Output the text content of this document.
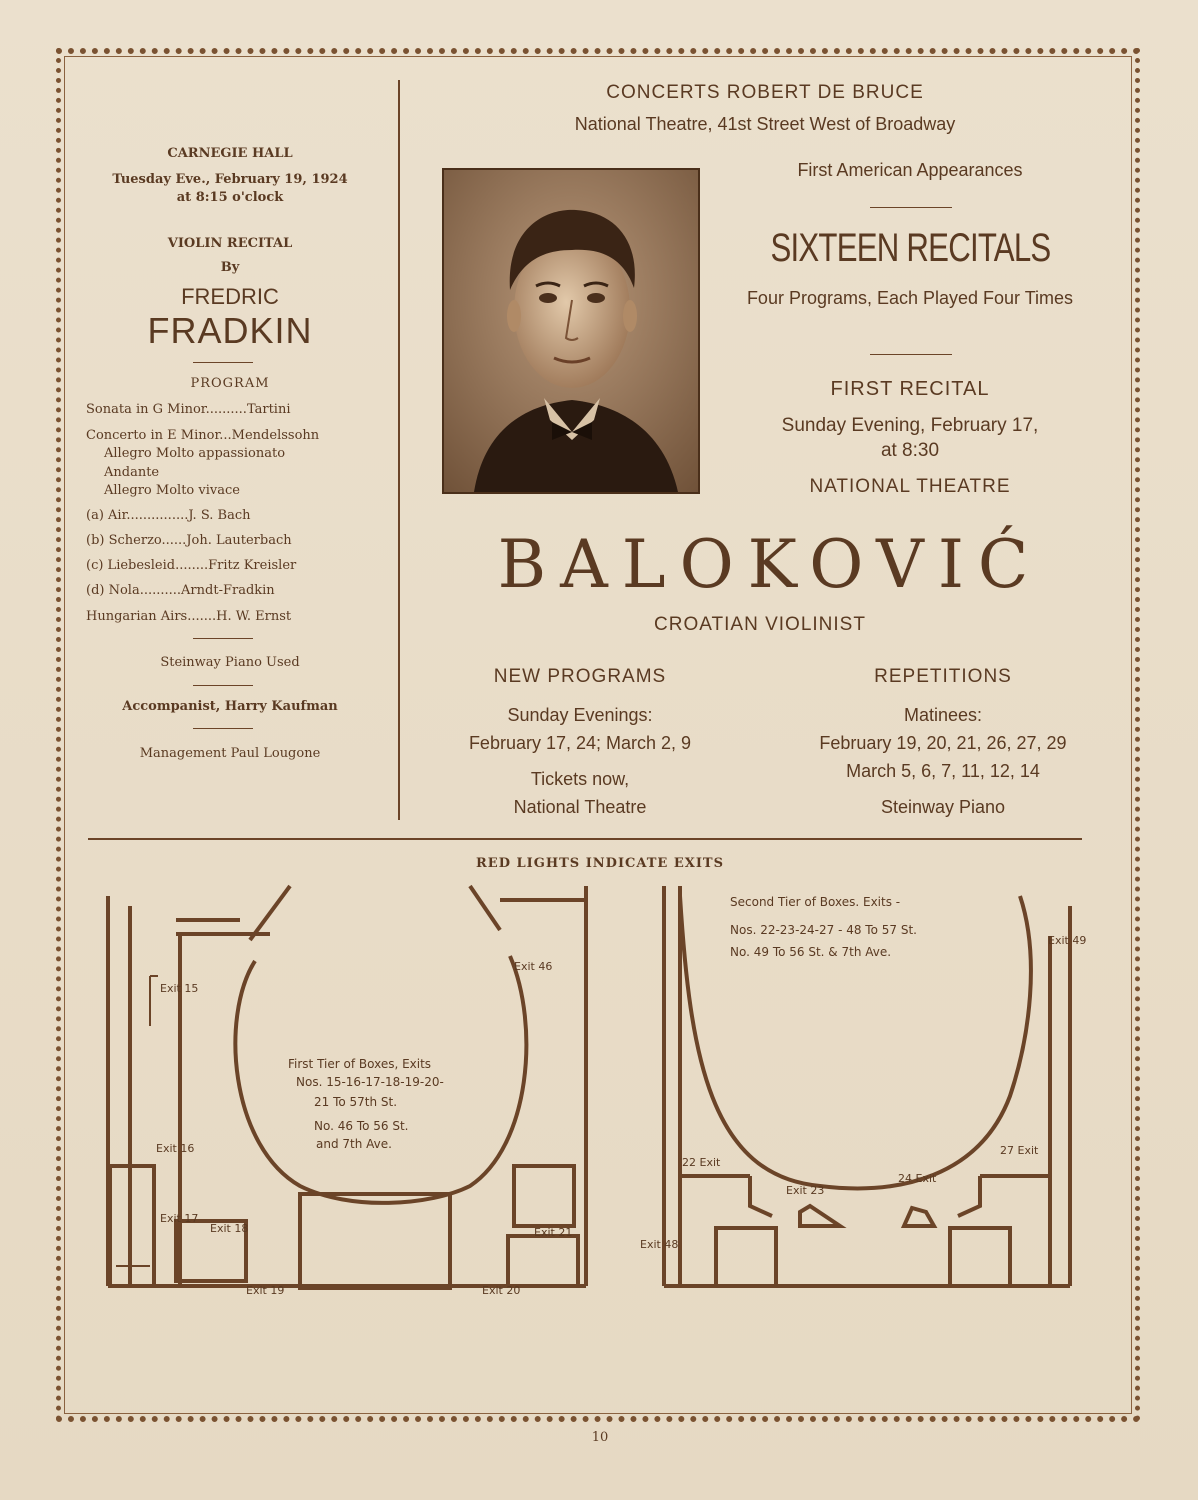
CARNEGIE HALL
Tuesday Eve., February 19, 1924
at 8:15 o'clock
VIOLIN RECITAL
By
FREDRIC
FRADKIN
PROGRAM
Sonata in G Minor..........Tartini
Concerto in E Minor...Mendelssohn
Allegro Molto appassionato
Andante
Allegro Molto vivace
(a) Air...............J. S. Bach
(b) Scherzo......Joh. Lauterbach
(c) Liebesleid........Fritz Kreisler
(d) Nola..........Arndt-Fradkin
Hungarian Airs.......H. W. Ernst
Steinway Piano Used
Accompanist, Harry Kaufman
Management Paul Lougone
CONCERTS ROBERT DE BRUCE
National Theatre, 41st Street West of Broadway
First American Appearances
SIXTEEN RECITALS
Four Programs, Each Played Four Times
FIRST RECITAL
Sunday Evening, February 17,
at 8:30
NATIONAL THEATRE
BALOKOVIĆ
CROATIAN VIOLINIST
NEW PROGRAMS
Sunday Evenings:
February 17, 24; March 2, 9
Tickets now,
National Theatre
REPETITIONS
Matinees:
February 19, 20, 21, 26, 27, 29
March 5, 6, 7, 11, 12, 14
Steinway Piano
RED LIGHTS INDICATE EXITS
Exit 15
Exit 16
Exit 17
Exit 18
Exit 19	Exit 20
Exit 21
Exit 46
First Tier of Boxes, Exits
Nos. 15-16-17-18-19-20-
21 To 57th St.
No. 46 To 56 St.
and 7th Ave.
Second Tier of Boxes. Exits -
Nos. 22-23-24-27 - 48 To 57 St.
No. 49 To 56 St. & 7th Ave.
Exit 49
22 Exit
27 Exit
Exit 48
Exit 23
24 Exit
10
